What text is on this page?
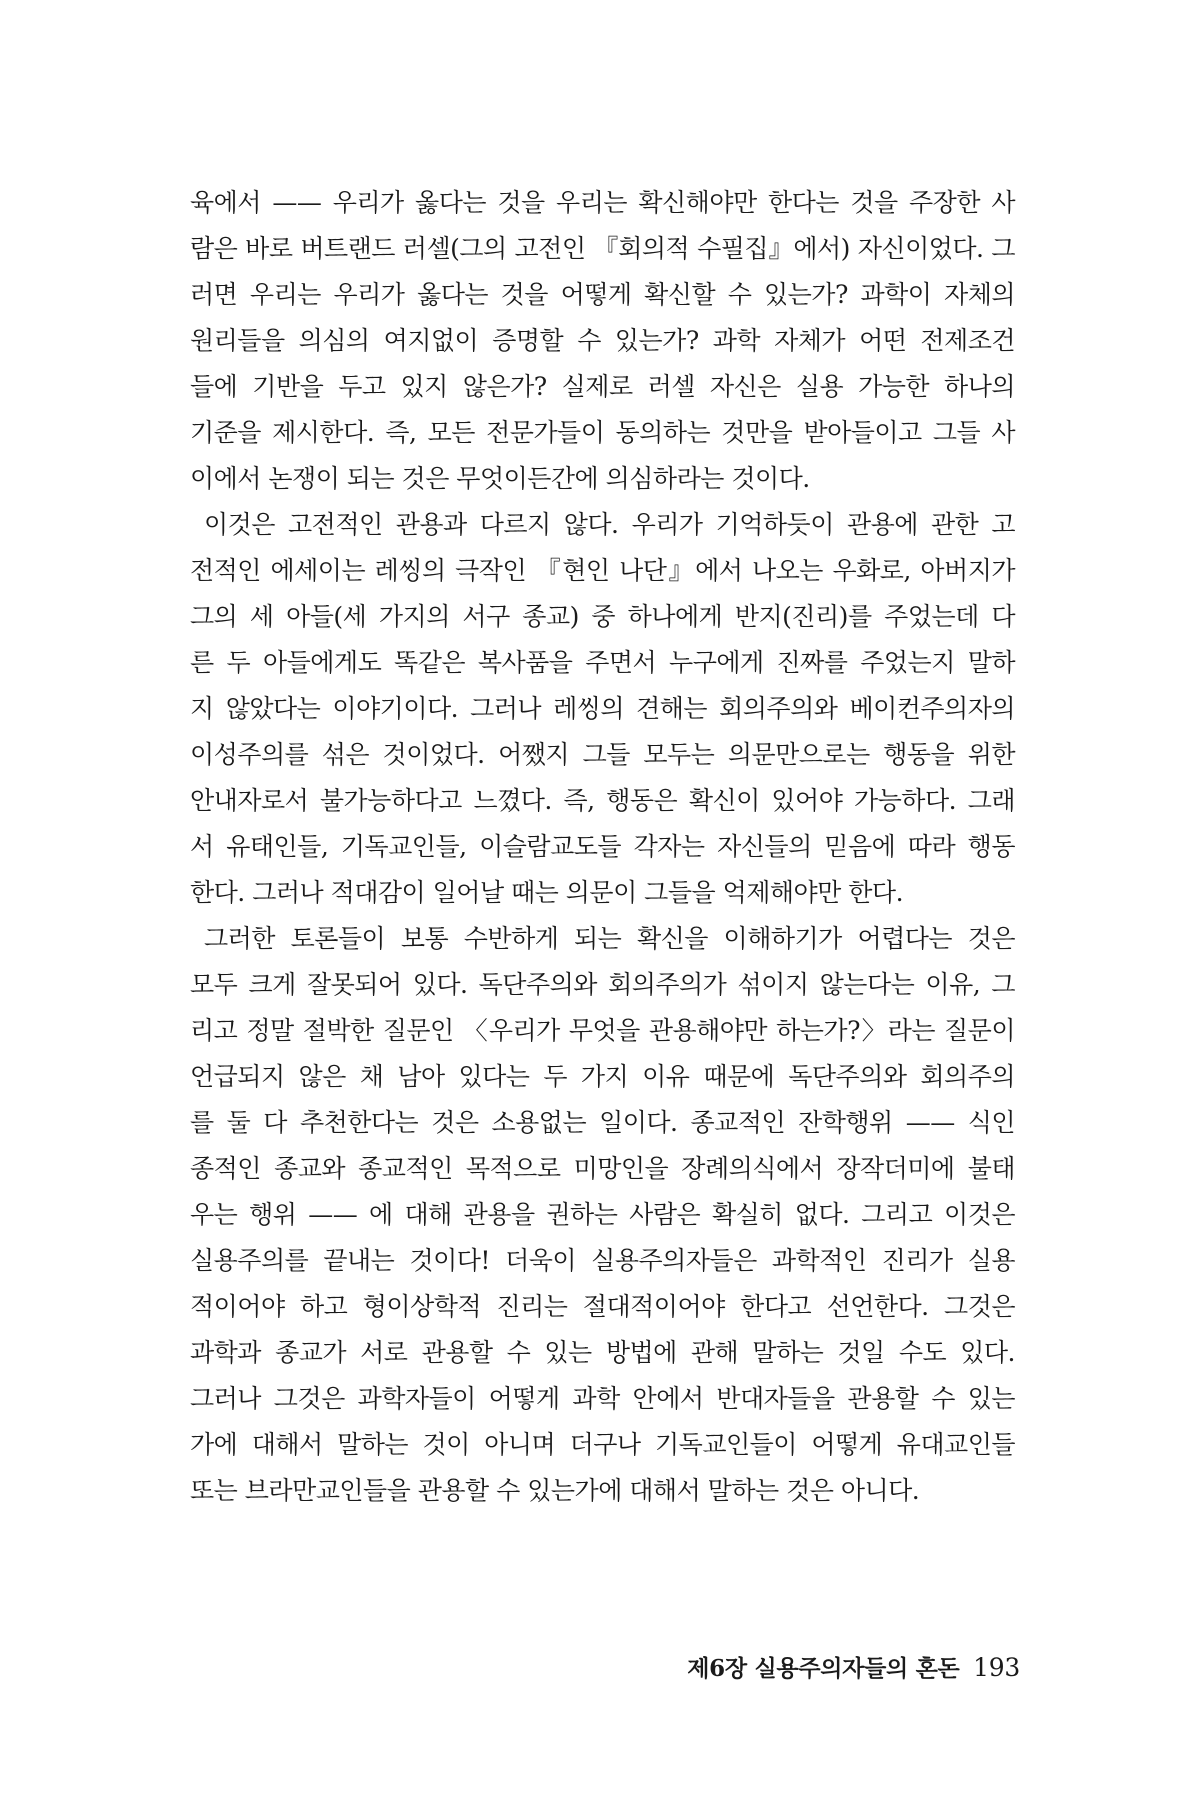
육에서 —— 우리가 옳다는 것을 우리는 확신해야만 한다는 것을 주장한 사
람은 바로 버트랜드 러셀(그의 고전인 『회의적 수필집』에서) 자신이었다. 그
러면 우리는 우리가 옳다는 것을 어떻게 확신할 수 있는가? 과학이 자체의
원리들을 의심의 여지없이 증명할 수 있는가? 과학 자체가 어떤 전제조건
들에 기반을 두고 있지 않은가? 실제로 러셀 자신은 실용 가능한 하나의
기준을 제시한다. 즉, 모든 전문가들이 동의하는 것만을 받아들이고 그들 사
이에서 논쟁이 되는 것은 무엇이든간에 의심하라는 것이다.
이것은 고전적인 관용과 다르지 않다. 우리가 기억하듯이 관용에 관한 고
전적인 에세이는 레씽의 극작인 『현인 나단』에서 나오는 우화로, 아버지가
그의 세 아들(세 가지의 서구 종교) 중 하나에게 반지(진리)를 주었는데 다
른 두 아들에게도 똑같은 복사품을 주면서 누구에게 진짜를 주었는지 말하
지 않았다는 이야기이다. 그러나 레씽의 견해는 회의주의와 베이컨주의자의
이성주의를 섞은 것이었다. 어쨌지 그들 모두는 의문만으로는 행동을 위한
안내자로서 불가능하다고 느꼈다. 즉, 행동은 확신이 있어야 가능하다. 그래
서 유태인들, 기독교인들, 이슬람교도들 각자는 자신들의 믿음에 따라 행동
한다. 그러나 적대감이 일어날 때는 의문이 그들을 억제해야만 한다.
그러한 토론들이 보통 수반하게 되는 확신을 이해하기가 어렵다는 것은
모두 크게 잘못되어 있다. 독단주의와 회의주의가 섞이지 않는다는 이유, 그
리고 정말 절박한 질문인 〈우리가 무엇을 관용해야만 하는가?〉라는 질문이
언급되지 않은 채 남아 있다는 두 가지 이유 때문에 독단주의와 회의주의
를 둘 다 추천한다는 것은 소용없는 일이다. 종교적인 잔학행위 —— 식인
종적인 종교와 종교적인 목적으로 미망인을 장례의식에서 장작더미에 불태
우는 행위 —— 에 대해 관용을 권하는 사람은 확실히 없다. 그리고 이것은
실용주의를 끝내는 것이다! 더욱이 실용주의자들은 과학적인 진리가 실용
적이어야 하고 형이상학적 진리는 절대적이어야 한다고 선언한다. 그것은
과학과 종교가 서로 관용할 수 있는 방법에 관해 말하는 것일 수도 있다.
그러나 그것은 과학자들이 어떻게 과학 안에서 반대자들을 관용할 수 있는
가에 대해서 말하는 것이 아니며 더구나 기독교인들이 어떻게 유대교인들
또는 브라만교인들을 관용할 수 있는가에 대해서 말하는 것은 아니다.
제6장 실용주의자들의 혼돈 193
